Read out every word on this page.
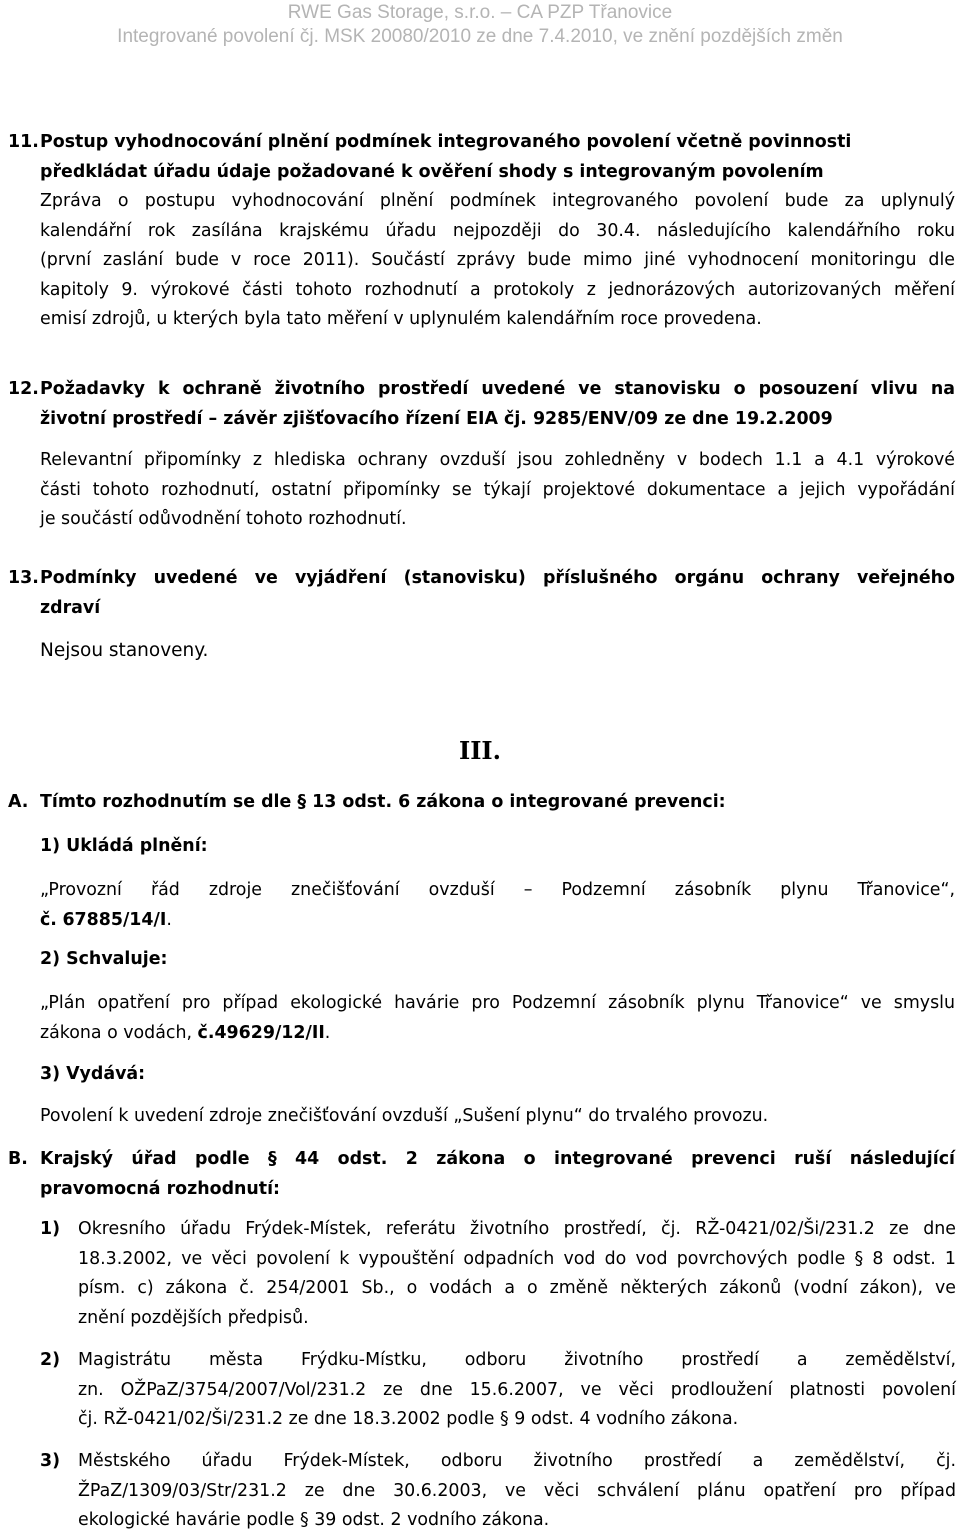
RWE Gas Storage, s.r.o. – CA PZP Třanovice
Integrované povolení čj. MSK 20080/2010 ze dne 7.4.2010, ve znění pozdějších změn
11. Postup vyhodnocování plnění podmínek integrovaného povolení včetně povinnosti
předkládat úřadu údaje požadované k ověření shody s integrovaným povolením
Zpráva o postupu vyhodnocování plnění podmínek integrovaného povolení bude za uplynulý
kalendářní rok zasílána krajskému úřadu nejpozději do 30.4. následujícího kalendářního roku
(první zaslání bude v roce 2011). Součástí zprávy bude mimo jiné vyhodnocení monitoringu dle
kapitoly 9. výrokové části tohoto rozhodnutí a protokoly z jednorázových autorizovaných měření
emisí zdrojů, u kterých byla tato měření v uplynulém kalendářním roce provedena.
12. Požadavky k ochraně životního prostředí uvedené ve stanovisku o posouzení vlivu na
životní prostředí – závěr zjišťovacího řízení EIA čj. 9285/ENV/09 ze dne 19.2.2009
Relevantní připomínky z hlediska ochrany ovzduší jsou zohledněny v bodech 1.1 a 4.1 výrokové
části tohoto rozhodnutí, ostatní připomínky se týkají projektové dokumentace a jejich vypořádání
je součástí odůvodnění tohoto rozhodnutí.
13. Podmínky uvedené ve vyjádření (stanovisku) příslušného orgánu ochrany veřejného
zdraví
Nejsou stanoveny.
III.
A. Tímto rozhodnutím se dle § 13 odst. 6 zákona o integrované prevenci:
1) Ukládá plnění:
„Provozní řád zdroje znečišťování ovzduší – Podzemní zásobník plynu Třanovice“,
č. 67885/14/I.
2) Schvaluje:
„Plán opatření pro případ ekologické havárie pro Podzemní zásobník plynu Třanovice“ ve smyslu
zákona o vodách, č.49629/12/II.
3) Vydává:
Povolení k uvedení zdroje znečišťování ovzduší „Sušení plynu“ do trvalého provozu.
B. Krajský úřad podle § 44 odst. 2 zákona o integrované prevenci ruší následující
pravomocná rozhodnutí:
1) Okresního úřadu Frýdek-Místek, referátu životního prostředí, čj. RŽ-0421/02/Ši/231.2 ze dne
18.3.2002, ve věci povolení k vypouštění odpadních vod do vod povrchových podle § 8 odst. 1
písm. c) zákona č. 254/2001 Sb., o vodách a o změně některých zákonů (vodní zákon), ve
znění pozdějších předpisů.
2) Magistrátu města Frýdku-Místku, odboru životního prostředí a zemědělství,
zn. OŽPaZ/3754/2007/Vol/231.2 ze dne 15.6.2007, ve věci prodloužení platnosti povolení
čj. RŽ-0421/02/Ši/231.2 ze dne 18.3.2002 podle § 9 odst. 4 vodního zákona.
3) Městského úřadu Frýdek-Místek, odboru životního prostředí a zemědělství, čj.
ŽPaZ/1309/03/Str/231.2 ze dne 30.6.2003, ve věci schválení plánu opatření pro případ
ekologické havárie podle § 39 odst. 2 vodního zákona.
